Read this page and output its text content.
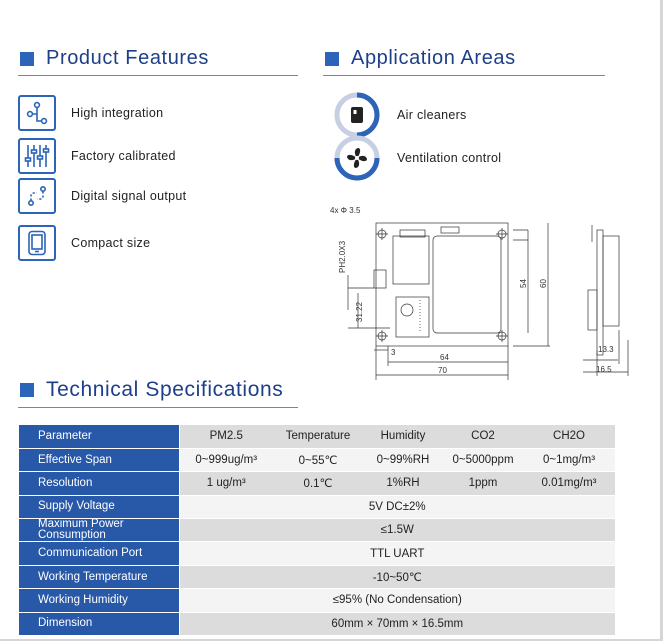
Product Features
High integration
Factory calibrated
Digital signal output
Compact size
Application Areas
Air cleaners
Ventilation control
4x Φ 3.5
PH2.0X3
31.22
3
64
70
54 60
13.3
16.5
Technical Specifications
Parameter	PM2.5	Temperature	Humidity	CO2	CH2O
Effective Span	0~999ug/m³	0~55℃	0~99%RH	0~5000ppm	0~1mg/m³
Resolution	1 ug/m³	0.1℃	1%RH	1ppm	0.01mg/m³
Supply Voltage	5V DC±2%				
Maximum Power Consumption	≤1.5W				
Communication Port	TTL UART				
Working Temperature	-10~50℃				
Working Humidity	≤95% (No Condensation)				
Dimension	60mm × 70mm × 16.5mm				
